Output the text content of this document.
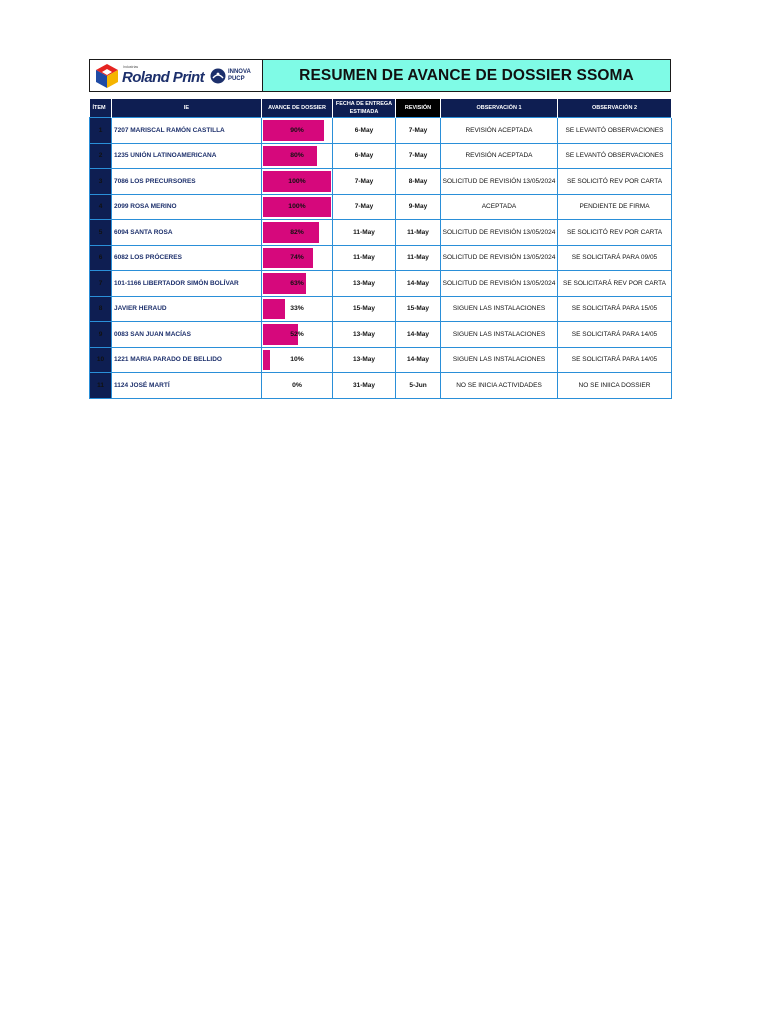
Industrias
Roland Print	INNOVA
PUCP	RESUMEN DE AVANCE DE DOSSIER SSOMA
ÍTEM	IE	AVANCE DE DOSSIER	FECHA DE ENTREGA
ESTIMADA	REVISIÓN	OBSERVACIÓN 1	OBSERVACIÓN 2
1	7207 MARISCAL RAMÓN CASTILLA	90%	6-May	7-May	REVISIÓN ACEPTADA	SE LEVANTÓ OBSERVACIONES
2	1235 UNIÓN LATINOAMERICANA	80%	6-May	7-May	REVISIÓN ACEPTADA	SE LEVANTÓ OBSERVACIONES
3	7086 LOS PRECURSORES	100%	7-May	8-May	SOLICITUD DE REVISIÓN 13/05/2024	SE SOLICITÓ REV POR CARTA
4	2099 ROSA MERINO	100%	7-May	9-May	ACEPTADA	PENDIENTE DE FIRMA
5	6094 SANTA ROSA	82%	11-May	11-May	SOLICITUD DE REVISIÓN 13/05/2024	SE SOLICITÓ REV POR CARTA
6	6082 LOS PRÓCERES	74%	11-May	11-May	SOLICITUD DE REVISIÓN 13/05/2024	SE SOLICITARÁ PARA 09/05
7	101-1166 LIBERTADOR SIMÓN BOLÍVAR	63%	13-May	14-May	SOLICITUD DE REVISIÓN 13/05/2024	SE SOLICITARÁ REV POR CARTA
8	JAVIER HERAUD	33%	15-May	15-May	SIGUEN LAS INSTALACIONES	SE SOLICITARÁ PARA 15/05
9	0083 SAN JUAN MACÍAS	52%	13-May	14-May	SIGUEN LAS INSTALACIONES	SE SOLICITARÁ PARA 14/05
10	1221 MARIA PARADO DE BELLIDO	10%	13-May	14-May	SIGUEN LAS INSTALACIONES	SE SOLICITARÁ PARA 14/05
11	1124 JOSÉ MARTÍ	0%	31-May	5-Jun	NO SE INICIA ACTIVIDADES	NO SE INIICA DOSSIER
